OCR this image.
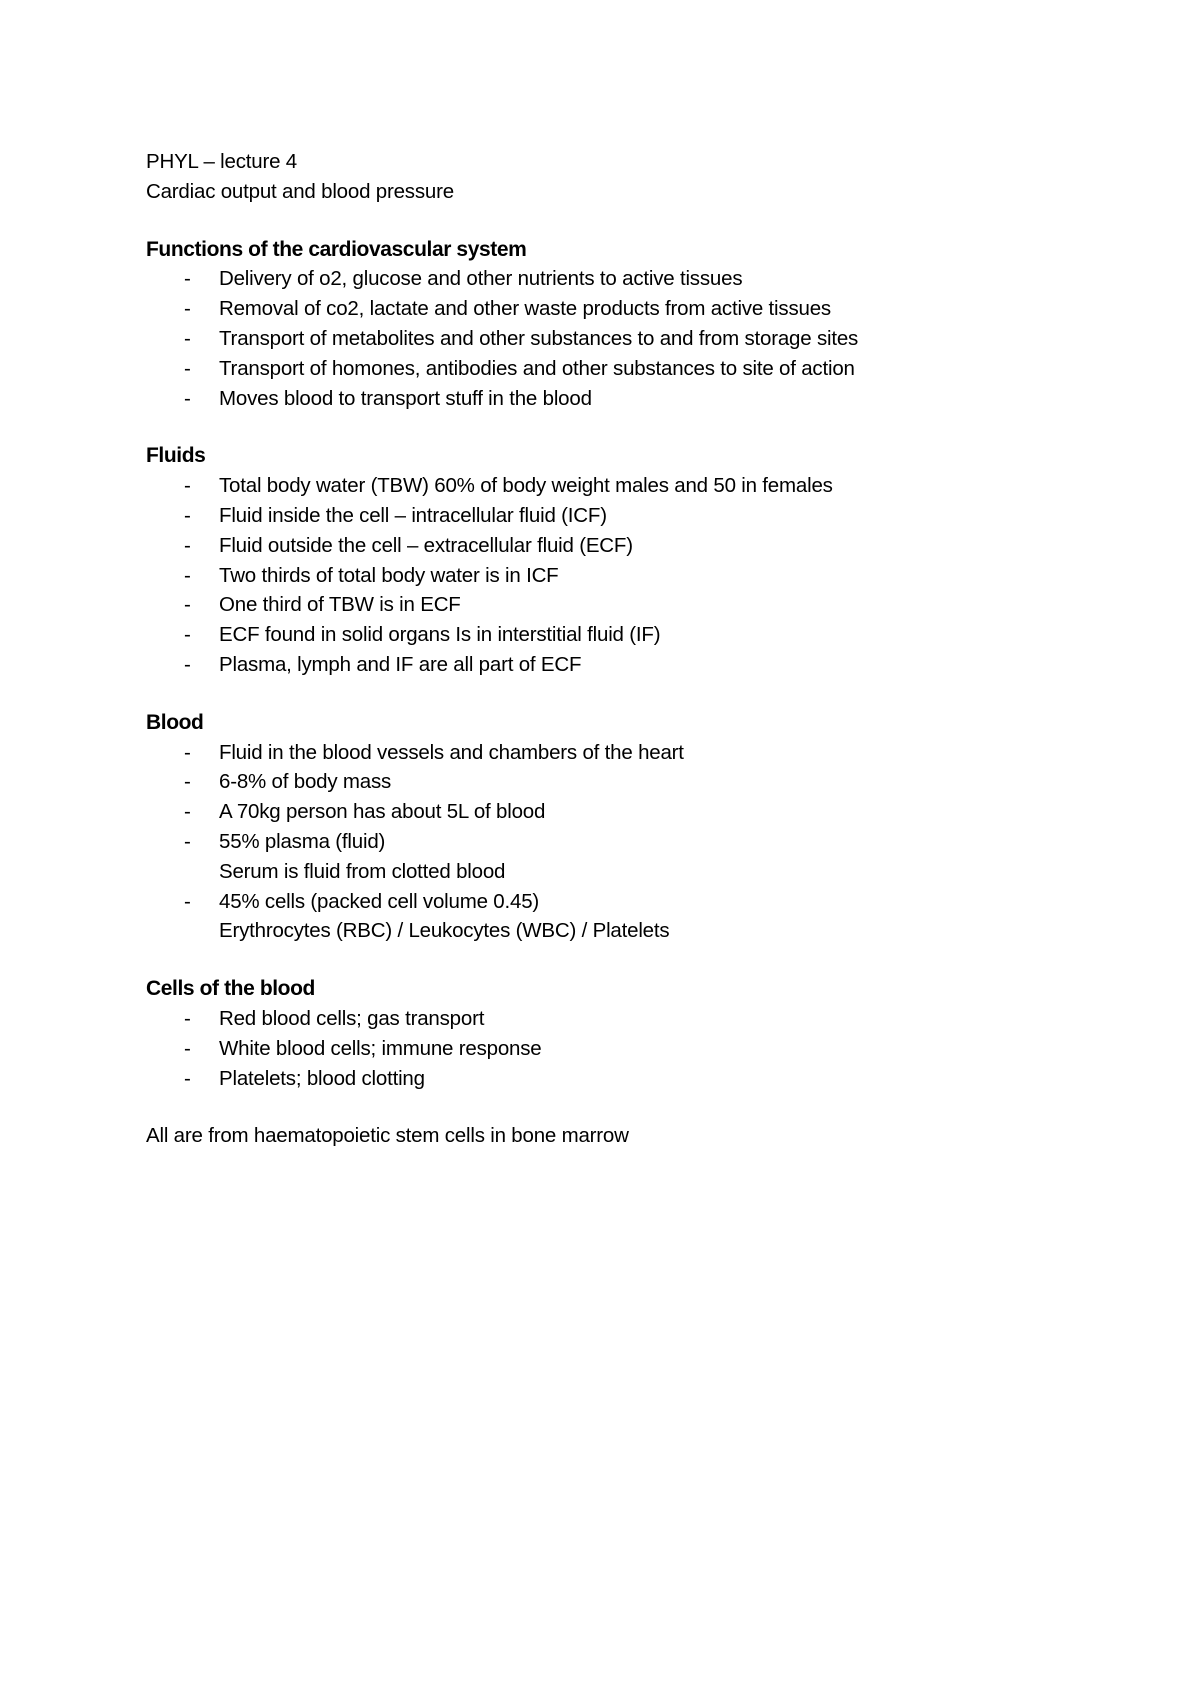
PHYL – lecture 4
Cardiac output and blood pressure
Functions of the cardiovascular system
- Delivery of o2, glucose and other nutrients to active tissues
- Removal of co2, lactate and other waste products from active tissues
- Transport of metabolites and other substances to and from storage sites
- Transport of homones, antibodies and other substances to site of action
- Moves blood to transport stuff in the blood
Fluids
- Total body water (TBW) 60% of body weight males and 50 in females
- Fluid inside the cell – intracellular fluid (ICF)
- Fluid outside the cell – extracellular fluid (ECF)
- Two thirds of total body water is in ICF
- One third of TBW is in ECF
- ECF found in solid organs Is in interstitial fluid (IF)
- Plasma, lymph and IF are all part of ECF
Blood
- Fluid in the blood vessels and chambers of the heart
- 6-8% of body mass
- A 70kg person has about 5L of blood
- 55% plasma (fluid)
Serum is fluid from clotted blood
- 45% cells (packed cell volume 0.45)
Erythrocytes (RBC) / Leukocytes (WBC) / Platelets
Cells of the blood
- Red blood cells; gas transport
- White blood cells; immune response
- Platelets; blood clotting
All are from haematopoietic stem cells in bone marrow
